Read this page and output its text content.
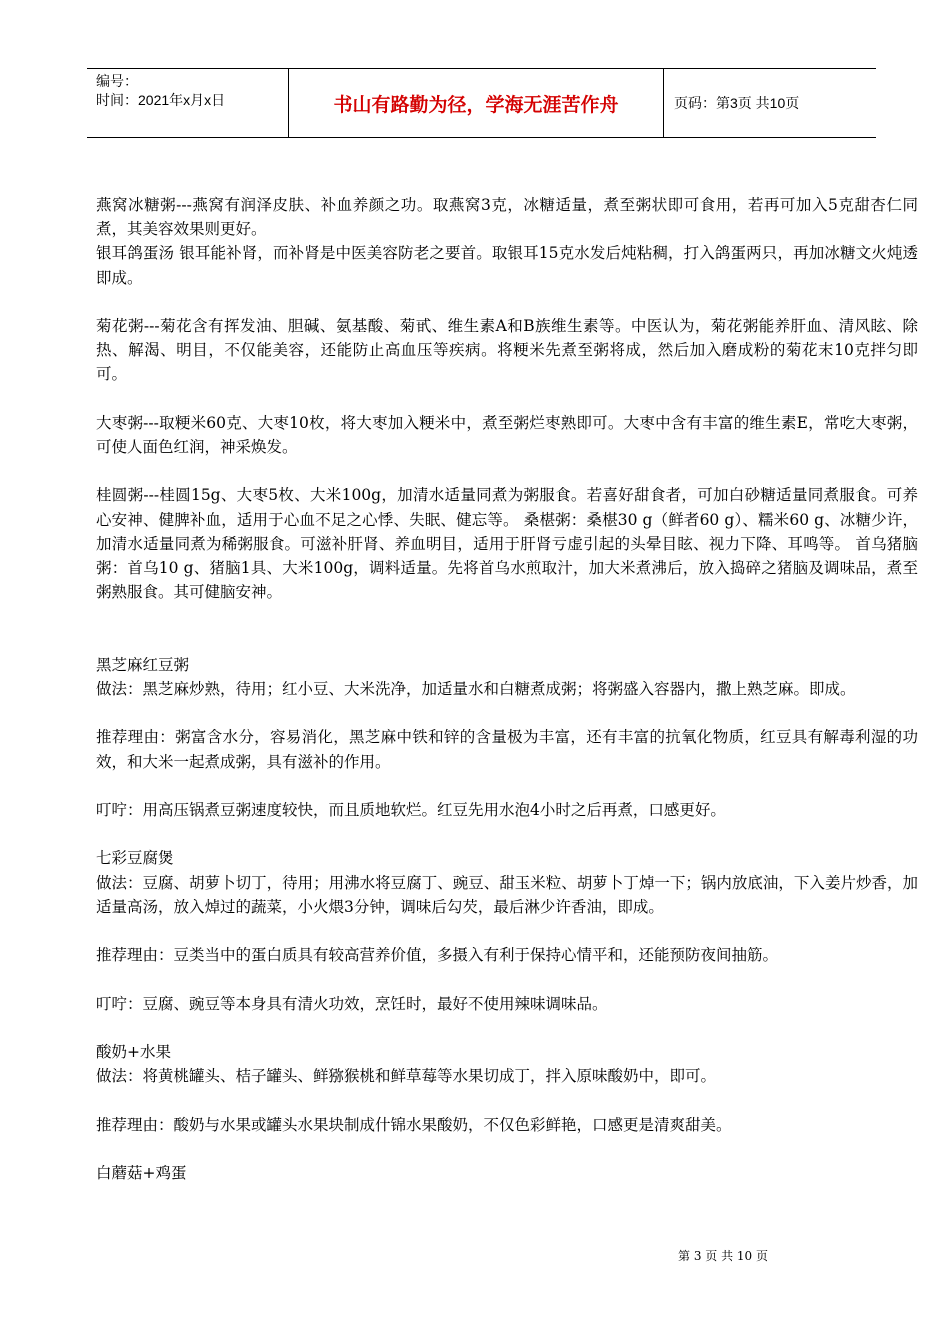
编号：
时间：2021年x月x日	书山有路勤为径，学海无涯苦作舟	页码：第3页 共10页

燕窝冰糖粥---燕窝有润泽皮肤、补血养颜之功。取燕窝3克，冰糖适量，煮至粥状即可食用，若再可加入5克甜杏仁同煮，其美容效果则更好。

银耳鸽蛋汤 银耳能补肾，而补肾是中医美容防老之要首。取银耳15克水发后炖粘稠，打入鸽蛋两只，再加冰糖文火炖透即成。

菊花粥---菊花含有挥发油、胆碱、氨基酸、菊甙、维生素A和B族维生素等。中医认为，菊花粥能养肝血、清风眩、除热、解渴、明目，不仅能美容，还能防止高血压等疾病。将粳米先煮至粥将成，然后加入磨成粉的菊花末10克拌匀即可。

大枣粥---取粳米60克、大枣10枚，将大枣加入粳米中，煮至粥烂枣熟即可。大枣中含有丰富的维生素E，常吃大枣粥，可使人面色红润，神采焕发。

桂圆粥---桂圆15g、大枣5枚、大米100g，加清水适量同煮为粥服食。若喜好甜食者，可加白砂糖适量同煮服食。可养心安神、健脾补血，适用于心血不足之心悸、失眠、健忘等。 桑椹粥：桑椹30 g（鲜者60 g）、糯米60 g、冰糖少许，加清水适量同煮为稀粥服食。可滋补肝肾、养血明目，适用于肝肾亏虚引起的头晕目眩、视力下降、耳鸣等。 首乌猪脑粥：首乌10 g、猪脑1具、大米100g，调料适量。先将首乌水煎取汁，加大米煮沸后，放入捣碎之猪脑及调味品，煮至粥熟服食。其可健脑安神。

黑芝麻红豆粥

做法：黑芝麻炒熟，待用；红小豆、大米洗净，加适量水和白糖煮成粥；将粥盛入容器内，撒上熟芝麻。即成。

推荐理由：粥富含水分，容易消化，黑芝麻中铁和锌的含量极为丰富，还有丰富的抗氧化物质，红豆具有解毒利湿的功效，和大米一起煮成粥，具有滋补的作用。

叮咛：用高压锅煮豆粥速度较快，而且质地软烂。红豆先用水泡4小时之后再煮，口感更好。

七彩豆腐煲

做法：豆腐、胡萝卜切丁，待用；用沸水将豆腐丁、豌豆、甜玉米粒、胡萝卜丁焯一下；锅内放底油，下入姜片炒香，加适量高汤，放入焯过的蔬菜，小火煨3分钟，调味后勾芡，最后淋少许香油，即成。

推荐理由：豆类当中的蛋白质具有较高营养价值，多摄入有利于保持心情平和，还能预防夜间抽筋。

叮咛：豆腐、豌豆等本身具有清火功效，烹饪时，最好不使用辣味调味品。

酸奶+水果

做法：将黄桃罐头、桔子罐头、鲜猕猴桃和鲜草莓等水果切成丁，拌入原味酸奶中，即可。

推荐理由：酸奶与水果或罐头水果块制成什锦水果酸奶，不仅色彩鲜艳，口感更是清爽甜美。

白蘑菇+鸡蛋

第 3 页 共 10 页
